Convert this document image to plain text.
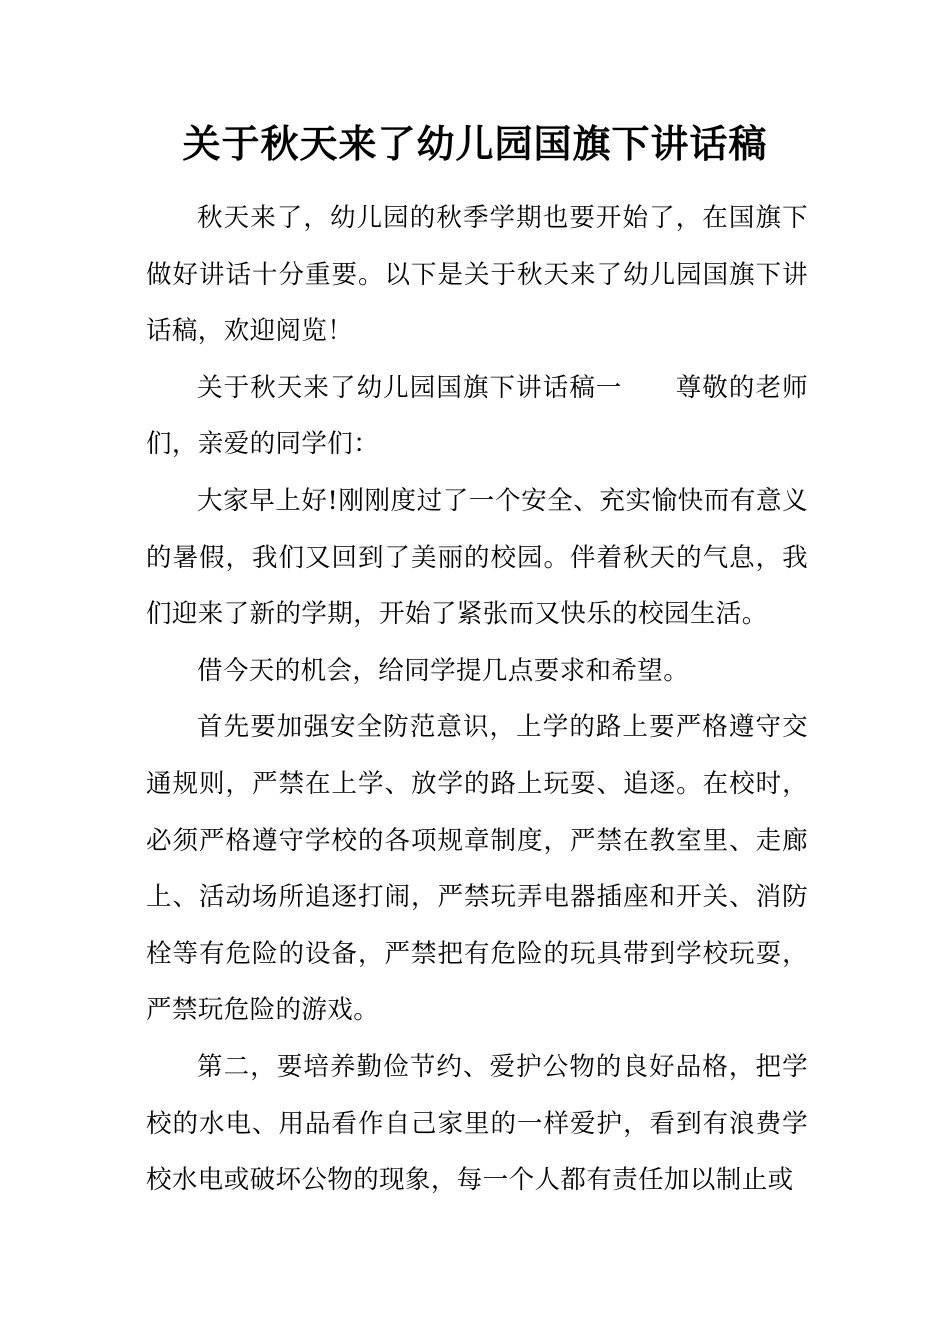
关于秋天来了幼儿园国旗下讲话稿

秋天来了，幼儿园的秋季学期也要开始了，在国旗下做好讲话十分重要。以下是关于秋天来了幼儿园国旗下讲话稿，欢迎阅览！

关于秋天来了幼儿园国旗下讲话稿一　　尊敬的老师们，亲爱的同学们：

大家早上好!刚刚度过了一个安全、充实愉快而有意义的暑假，我们又回到了美丽的校园。伴着秋天的气息，我们迎来了新的学期，开始了紧张而又快乐的校园生活。

借今天的机会，给同学提几点要求和希望。

首先要加强安全防范意识，上学的路上要严格遵守交通规则，严禁在上学、放学的路上玩耍、追逐。在校时，必须严格遵守学校的各项规章制度，严禁在教室里、走廊上、活动场所追逐打闹，严禁玩弄电器插座和开关、消防栓等有危险的设备，严禁把有危险的玩具带到学校玩耍，严禁玩危险的游戏。

第二，要培养勤俭节约、爱护公物的良好品格，把学校的水电、用品看作自己家里的一样爱护，看到有浪费学校水电或破坏公物的现象，每一个人都有责任加以制止或
